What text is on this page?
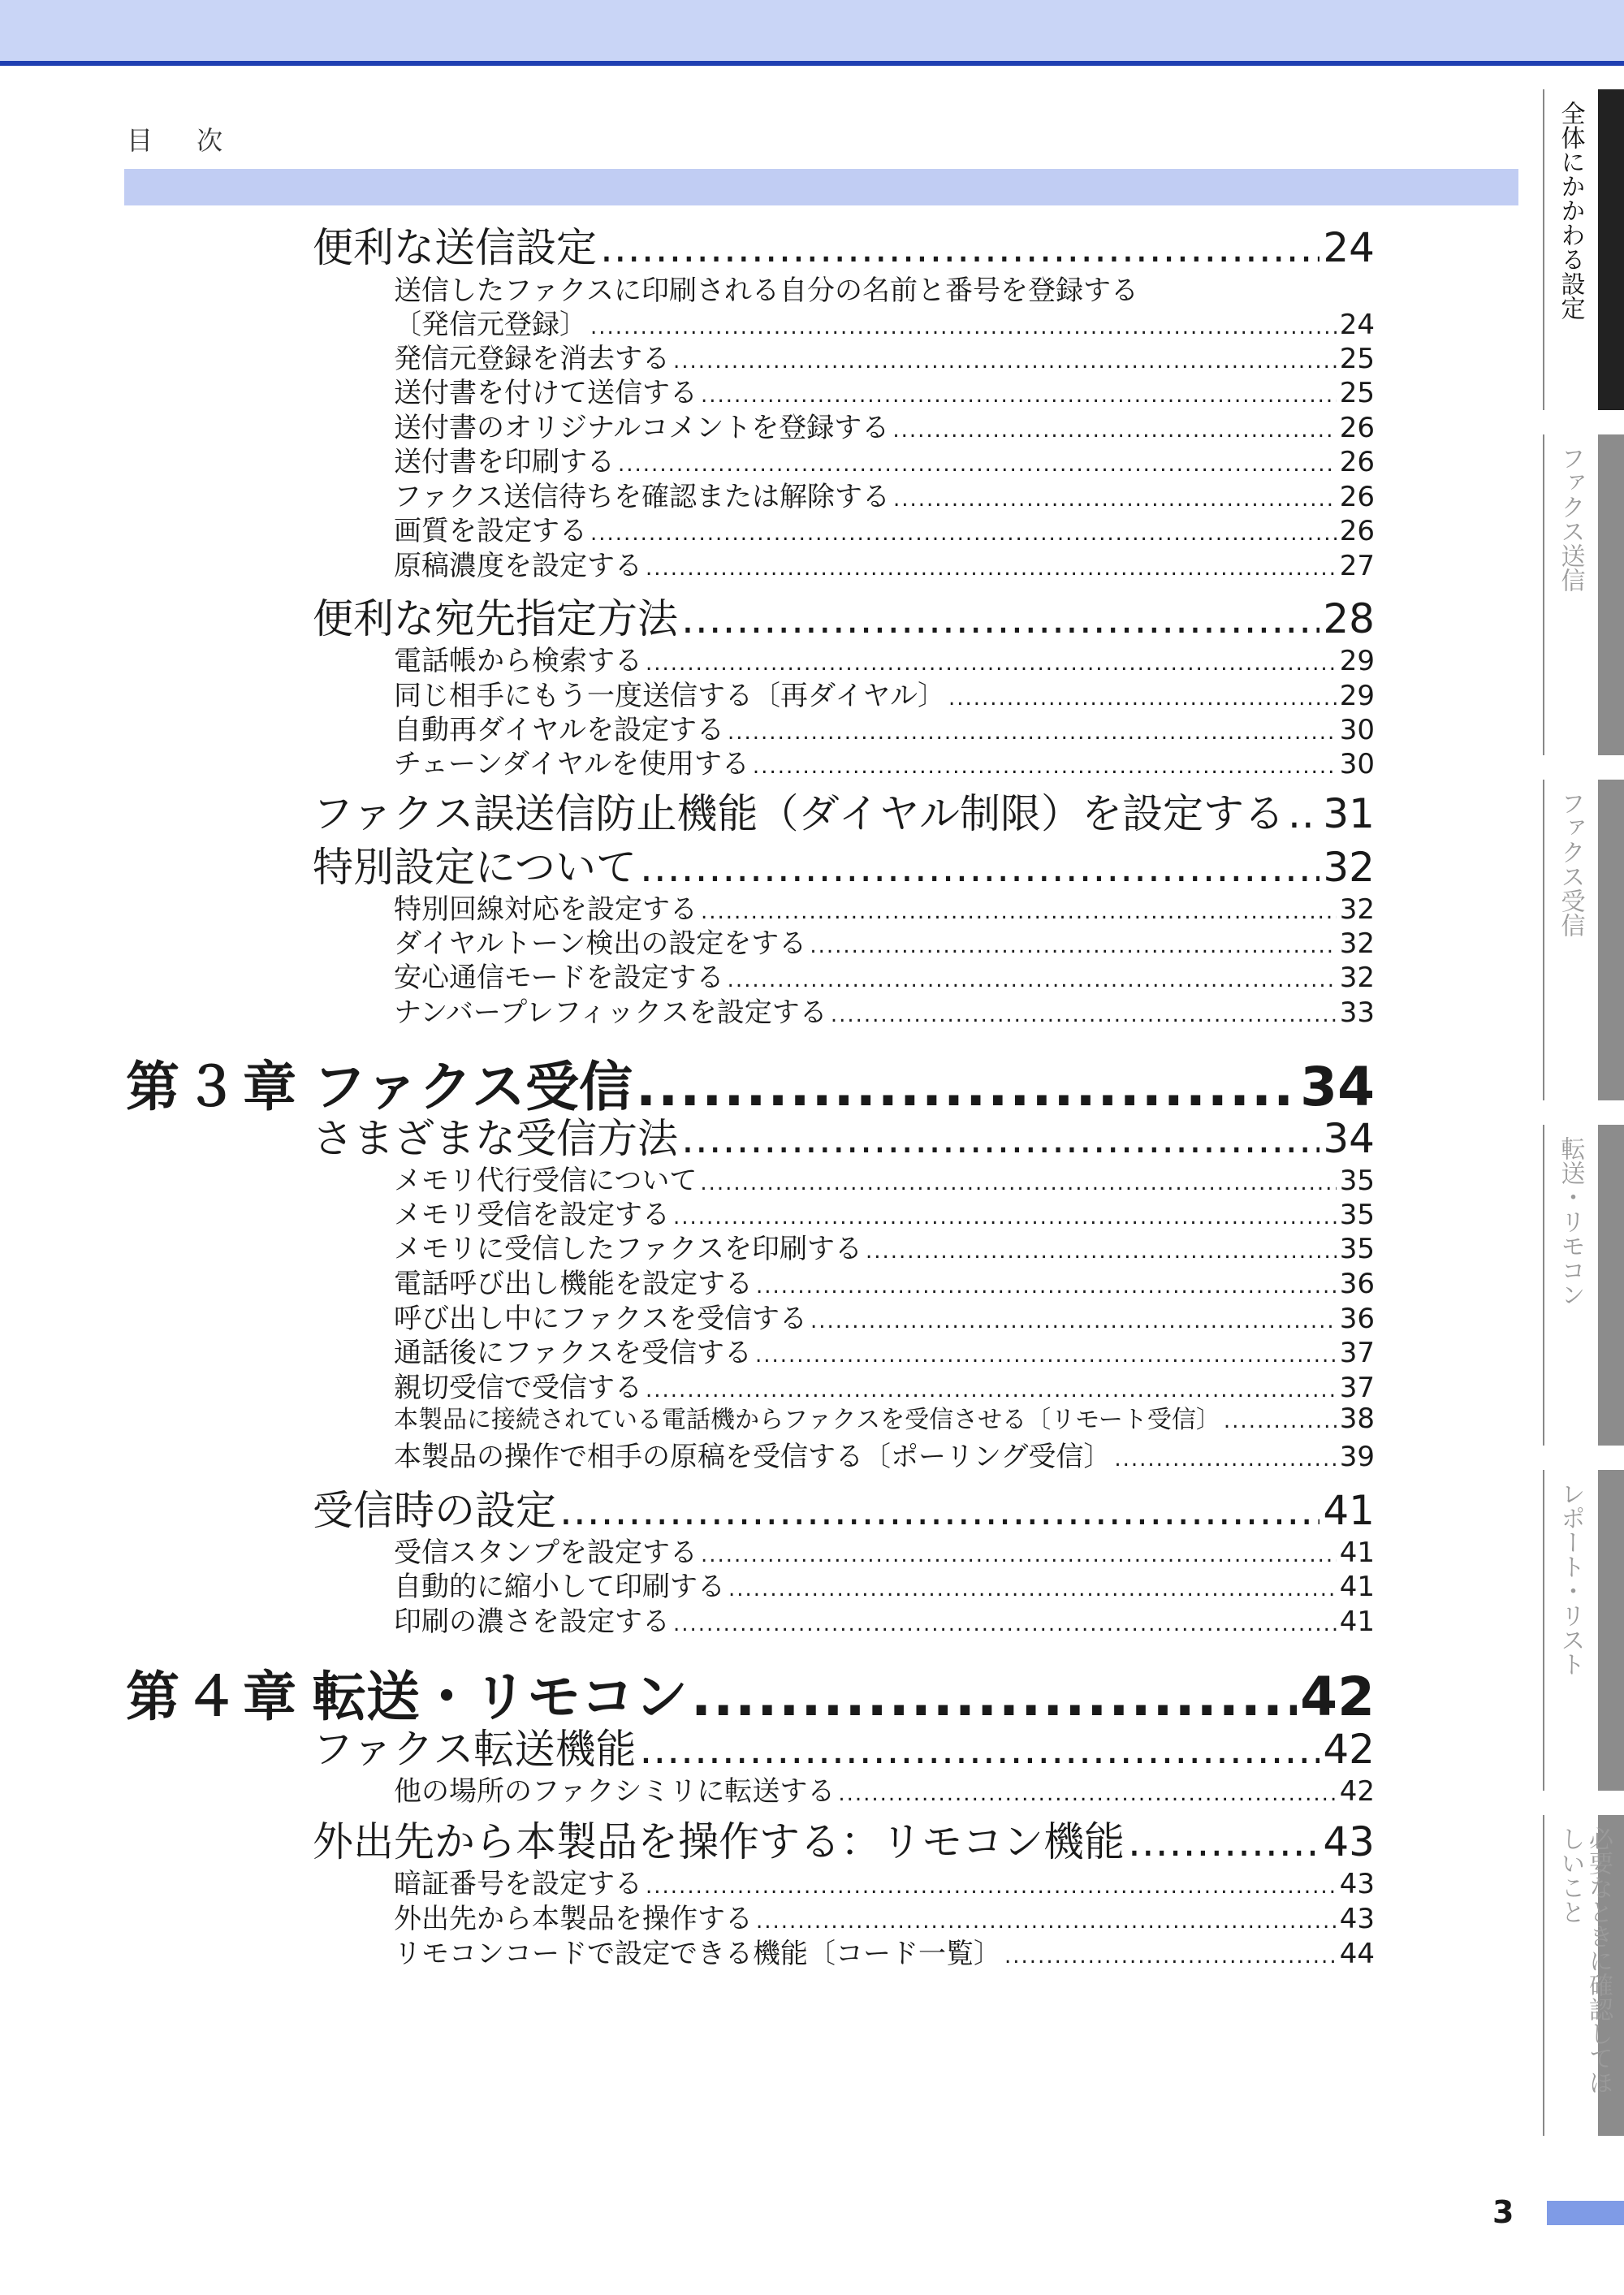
目 次
便利な送信設定 .....	24
送信したファクスに印刷される自分の名前と番号を登録する
〔発信元登録〕 .....	24
発信元登録を消去する .....	25
送付書を付けて送信する .....	25
送付書のオリジナルコメントを登録する .....	26
送付書を印刷する .....	26
ファクス送信待ちを確認または解除する .....	26
画質を設定する .....	26
原稿濃度を設定する .....	27
便利な宛先指定方法 .....	28
電話帳から検索する .....	29
同じ相手にもう一度送信する〔再ダイヤル〕 .....	29
自動再ダイヤルを設定する .....	30
チェーンダイヤルを使用する .....	30
ファクス誤送信防止機能（ダイヤル制限）を設定する ..... 31
特別設定について .....	32
特別回線対応を設定する .....	32
ダイヤルトーン検出の設定をする .....	32
安心通信モードを設定する .....	32
ナンバープレフィックスを設定する .....	33
第３章 ファクス受信 .....	34
さまざまな受信方法 .....	34
メモリ代行受信について .....	35
メモリ受信を設定する .....	35
メモリに受信したファクスを印刷する .....	35
電話呼び出し機能を設定する .....	36
呼び出し中にファクスを受信する .....	36
通話後にファクスを受信する .....	37
親切受信で受信する .....	37
本製品に接続されている電話機からファクスを受信させる〔リモート受信〕 .....	38
本製品の操作で相手の原稿を受信する〔ポーリング受信〕 .....	39
受信時の設定 .....	41
受信スタンプを設定する .....	41
自動的に縮小して印刷する .....	41
印刷の濃さを設定する .....	41
第４章 転送・リモコン .....	42
ファクス転送機能 .....	42
他の場所のファクシミリに転送する .....	42
外出先から本製品を操作する：リモコン機能 .....	43
暗証番号を設定する .....	43
外出先から本製品を操作する .....	43
リモコンコードで設定できる機能〔コード一覧〕 .....	44
全体にかかわる設定
ファクス送信
ファクス受信
転送・リモコン
レポート・リスト
必要なときに確認してほしいこと
3
